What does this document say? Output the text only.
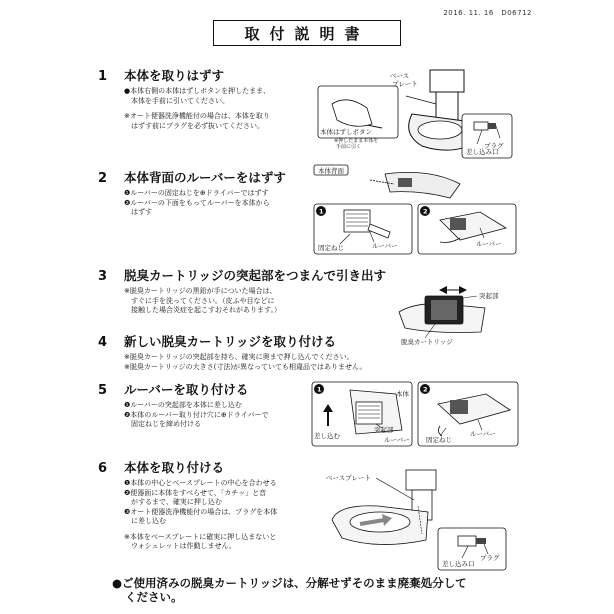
2016. 11. 16　D06712
取付説明書
1	本体を取りはずす

●本体右側の本体はずしボタンを押したまま、
　本体を手前に引いてください。

※オート便器洗浄機能付の場合は、本体を取り
　はずす前にプラグを必ず抜いてください。

ベース
プレート
本体はずしボタン
※押したまま本体を
手前に引く	プラグ
差し込み口
2	本体背面のルーバーをはずす

❶ルーバーの固定ねじを⊕ドライバーではずす
❷ルーバーの下面をもってルーバーを本体から
　はずす

本体背面
1
固定ねじ	ルーバー
2
ルーバー
3	脱臭カートリッジの突起部をつまんで引き出す

※脱臭カートリッジの黒鉛が手についた場合は、
　すぐに手を洗ってください。（皮ふや目などに
　接触した場合炎症を起こすおそれがあります。）

突起部
脱臭カートリッジ
4	新しい脱臭カートリッジを取り付ける

※脱臭カートリッジの突起部を持ち、確実に奥まで押し込んでください。
※脱臭カートリッジの大きさ(寸法)が異なっていても相違品ではありません。

5	ルーバーを取り付ける

❶ルーバーの突起部を本体に差し込む
❷本体のルーバー取り付け穴に⊕ドライバーで
　固定ねじを締め付ける

1
本体
突起部
差し込む	ルーバー
2
固定ねじ
ルーバー
6	本体を取り付ける

❶本体の中心とベースプレートの中心を合わせる
❷便器面に本体をすべらせて、「カチッ」と音
　がするまで、確実に押し込む
❸オート便器洗浄機能付の場合は、プラグを本体
　に差し込む

※本体をベースプレートに確実に押し込まないと
　ウォシュレットは作動しません。

ベースプレート
プラグ
差し込み口
●ご使用済みの脱臭カートリッジは、分解せずそのまま廃棄処分して
ください。
